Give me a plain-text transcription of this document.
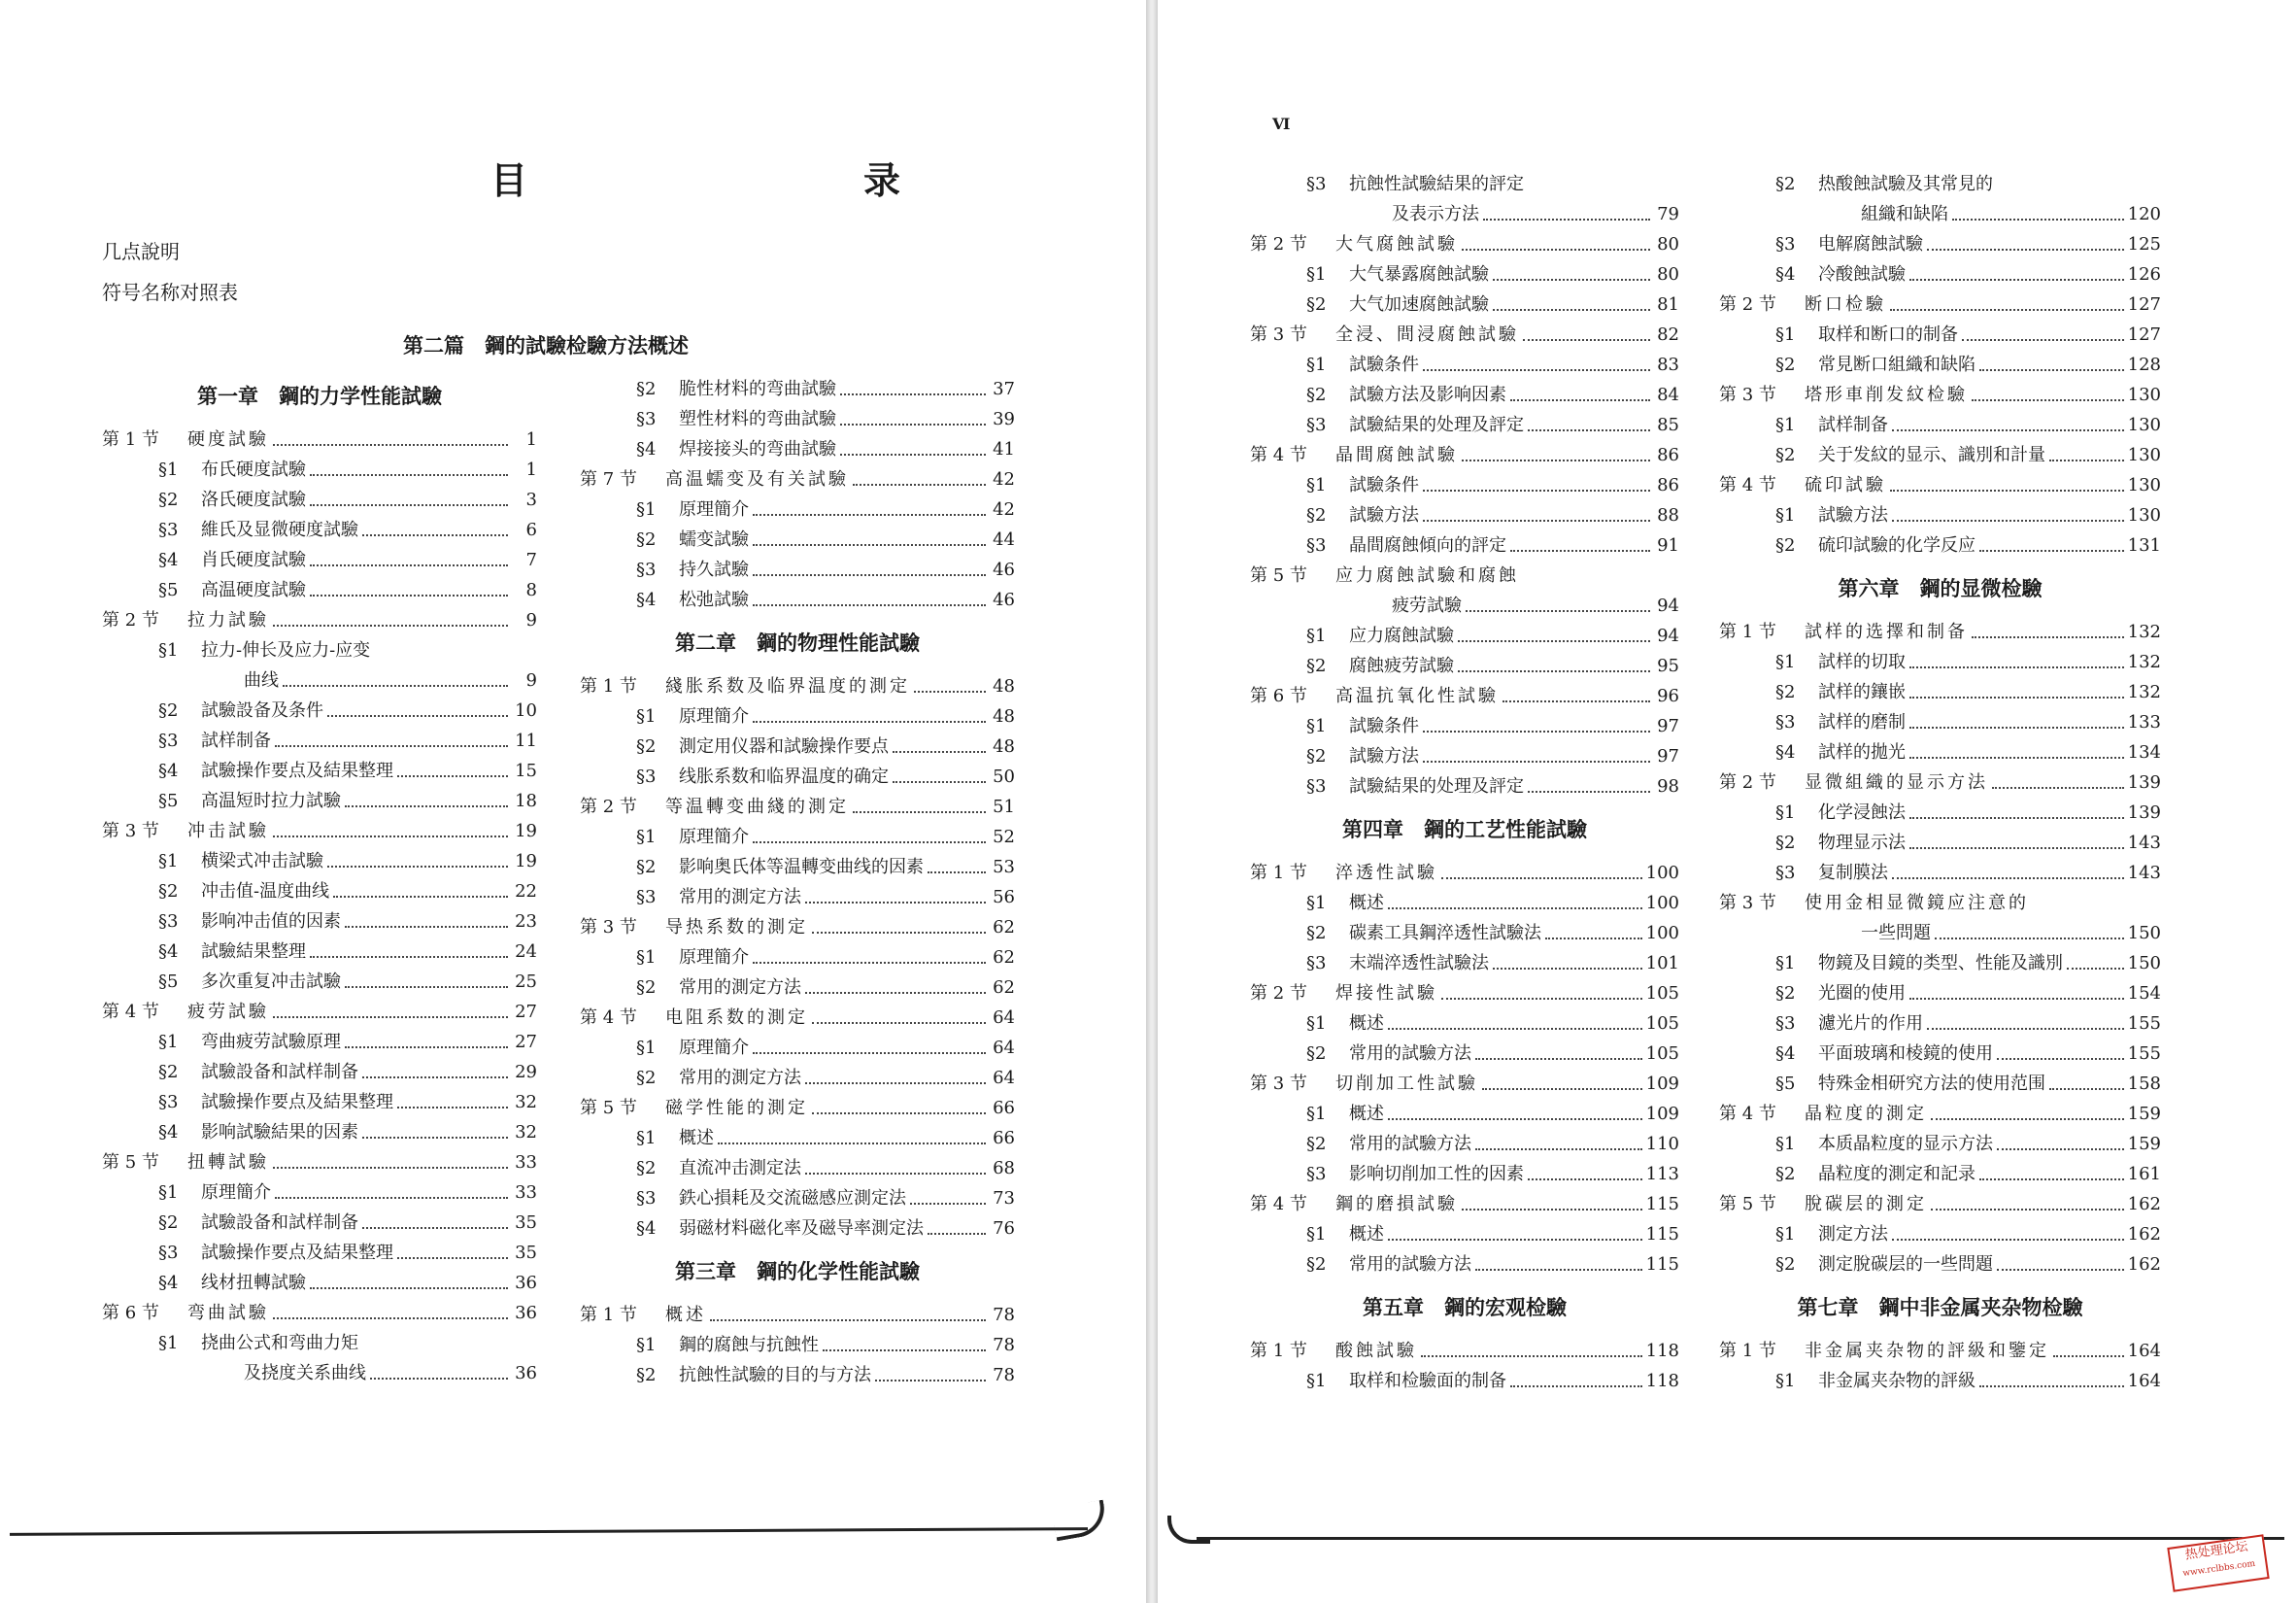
目　　录
几点說明
符号名称对照表
第二篇　鋼的試驗检驗方法概述
第一章　鋼的力学性能試驗
第 1 节	硬度試驗	1
§1	布氏硬度試驗	1
§2	洛氏硬度試驗	3
§3	維氏及显微硬度試驗	6
§4	肖氏硬度試驗	7
§5	高温硬度試驗	8
第 2 节	拉力試驗	9
§1	拉力-伸长及应力-应变
曲线	9
§2	試驗設备及条件	10
§3	試样制备	11
§4	試驗操作要点及結果整理	15
§5	高温短时拉力試驗	18
第 3 节	冲击試驗	19
§1	横梁式冲击試驗	19
§2	冲击值-温度曲线	22
§3	影响冲击值的因素	23
§4	試驗結果整理	24
§5	多次重复冲击試驗	25
第 4 节	疲劳試驗	27
§1	弯曲疲劳試驗原理	27
§2	試驗設备和試样制备	29
§3	試驗操作要点及結果整理	32
§4	影响試驗結果的因素	32
第 5 节	扭轉試驗	33
§1	原理簡介	33
§2	試驗設备和試样制备	35
§3	試驗操作要点及結果整理	35
§4	线材扭轉試驗	36
第 6 节	弯曲試驗	36
§1	挠曲公式和弯曲力矩
及挠度关系曲线	36
§2	脆性材料的弯曲試驗	37
§3	塑性材料的弯曲試驗	39
§4	焊接接头的弯曲試驗	41
第 7 节	高温蠕变及有关試驗	42
§1	原理簡介	42
§2	蠕变試驗	44
§3	持久試驗	46
§4	松弛試驗	46
第二章　鋼的物理性能試驗
第 1 节	綫胀系数及临界温度的測定	48
§1	原理簡介	48
§2	測定用仪器和試驗操作要点	48
§3	线胀系数和临界温度的确定	50
第 2 节	等温轉变曲綫的測定	51
§1	原理簡介	52
§2	影响奥氏体等温轉变曲线的因素	53
§3	常用的測定方法	56
第 3 节	导热系数的測定	62
§1	原理簡介	62
§2	常用的測定方法	62
第 4 节	电阻系数的測定	64
§1	原理簡介	64
§2	常用的測定方法	64
第 5 节	磁学性能的測定	66
§1	概述	66
§2	直流冲击測定法	68
§3	鉄心損耗及交流磁感应測定法	73
§4	弱磁材料磁化率及磁导率測定法	76
第三章　鋼的化学性能試驗
第 1 节	概述	78
§1	鋼的腐蝕与抗蝕性	78
§2	抗蝕性試驗的目的与方法	78
Ⅵ
§3	抗蝕性試驗結果的評定
及表示方法	79
第 2 节	大气腐蝕試驗	80
§1	大气暴露腐蝕試驗	80
§2	大气加速腐蝕試驗	81
第 3 节	全浸、間浸腐蝕試驗	82
§1	試驗条件	83
§2	試驗方法及影响因素	84
§3	試驗結果的处理及評定	85
第 4 节	晶間腐蝕試驗	86
§1	試驗条件	86
§2	試驗方法	88
§3	晶間腐蝕傾向的評定	91
第 5 节	应力腐蝕試驗和腐蝕
疲劳試驗	94
§1	应力腐蝕試驗	94
§2	腐蝕疲劳試驗	95
第 6 节	高温抗氧化性試驗	96
§1	試驗条件	97
§2	試驗方法	97
§3	試驗結果的处理及評定	98
第四章　鋼的工艺性能試驗
第 1 节	淬透性試驗	100
§1	概述	100
§2	碳素工具鋼淬透性試驗法	100
§3	末端淬透性試驗法	101
第 2 节	焊接性試驗	105
§1	概述	105
§2	常用的試驗方法	105
第 3 节	切削加工性試驗	109
§1	概述	109
§2	常用的試驗方法	110
§3	影响切削加工性的因素	113
第 4 节	鋼的磨損試驗	115
§1	概述	115
§2	常用的試驗方法	115
第五章　鋼的宏观检驗
第 1 节	酸蝕試驗	118
§1	取样和检驗面的制备	118
§2	热酸蝕試驗及其常見的
組織和缺陷	120
§3	电解腐蝕試驗	125
§4	冷酸蝕試驗	126
第 2 节	断口检驗	127
§1	取样和断口的制备	127
§2	常見断口組織和缺陷	128
第 3 节	塔形車削发紋检驗	130
§1	試样制备	130
§2	关于发紋的显示、識別和計量	130
第 4 节	硫印試驗	130
§1	試驗方法	130
§2	硫印試驗的化学反应	131
第六章　鋼的显微检驗
第 1 节	試样的选擇和制备	132
§1	試样的切取	132
§2	試样的鑲嵌	132
§3	試样的磨制	133
§4	試样的拋光	134
第 2 节	显微組織的显示方法	139
§1	化学浸蝕法	139
§2	物理显示法	143
§3	复制膜法	143
第 3 节	使用金相显微鏡应注意的
一些問題	150
§1	物鏡及目鏡的类型、性能及識別	150
§2	光圈的使用	154
§3	濾光片的作用	155
§4	平面玻璃和棱鏡的使用	155
§5	特殊金相研究方法的使用范围	158
第 4 节	晶粒度的測定	159
§1	本质晶粒度的显示方法	159
§2	晶粒度的測定和記录	161
第 5 节	脫碳层的測定	162
§1	測定方法	162
§2	測定脫碳层的一些問題	162
第七章　鋼中非金属夹杂物检驗
第 1 节	非金属夹杂物的評級和鑒定	164
§1	非金属夹杂物的評級	164
热处理论坛
www.rclbbs.com
